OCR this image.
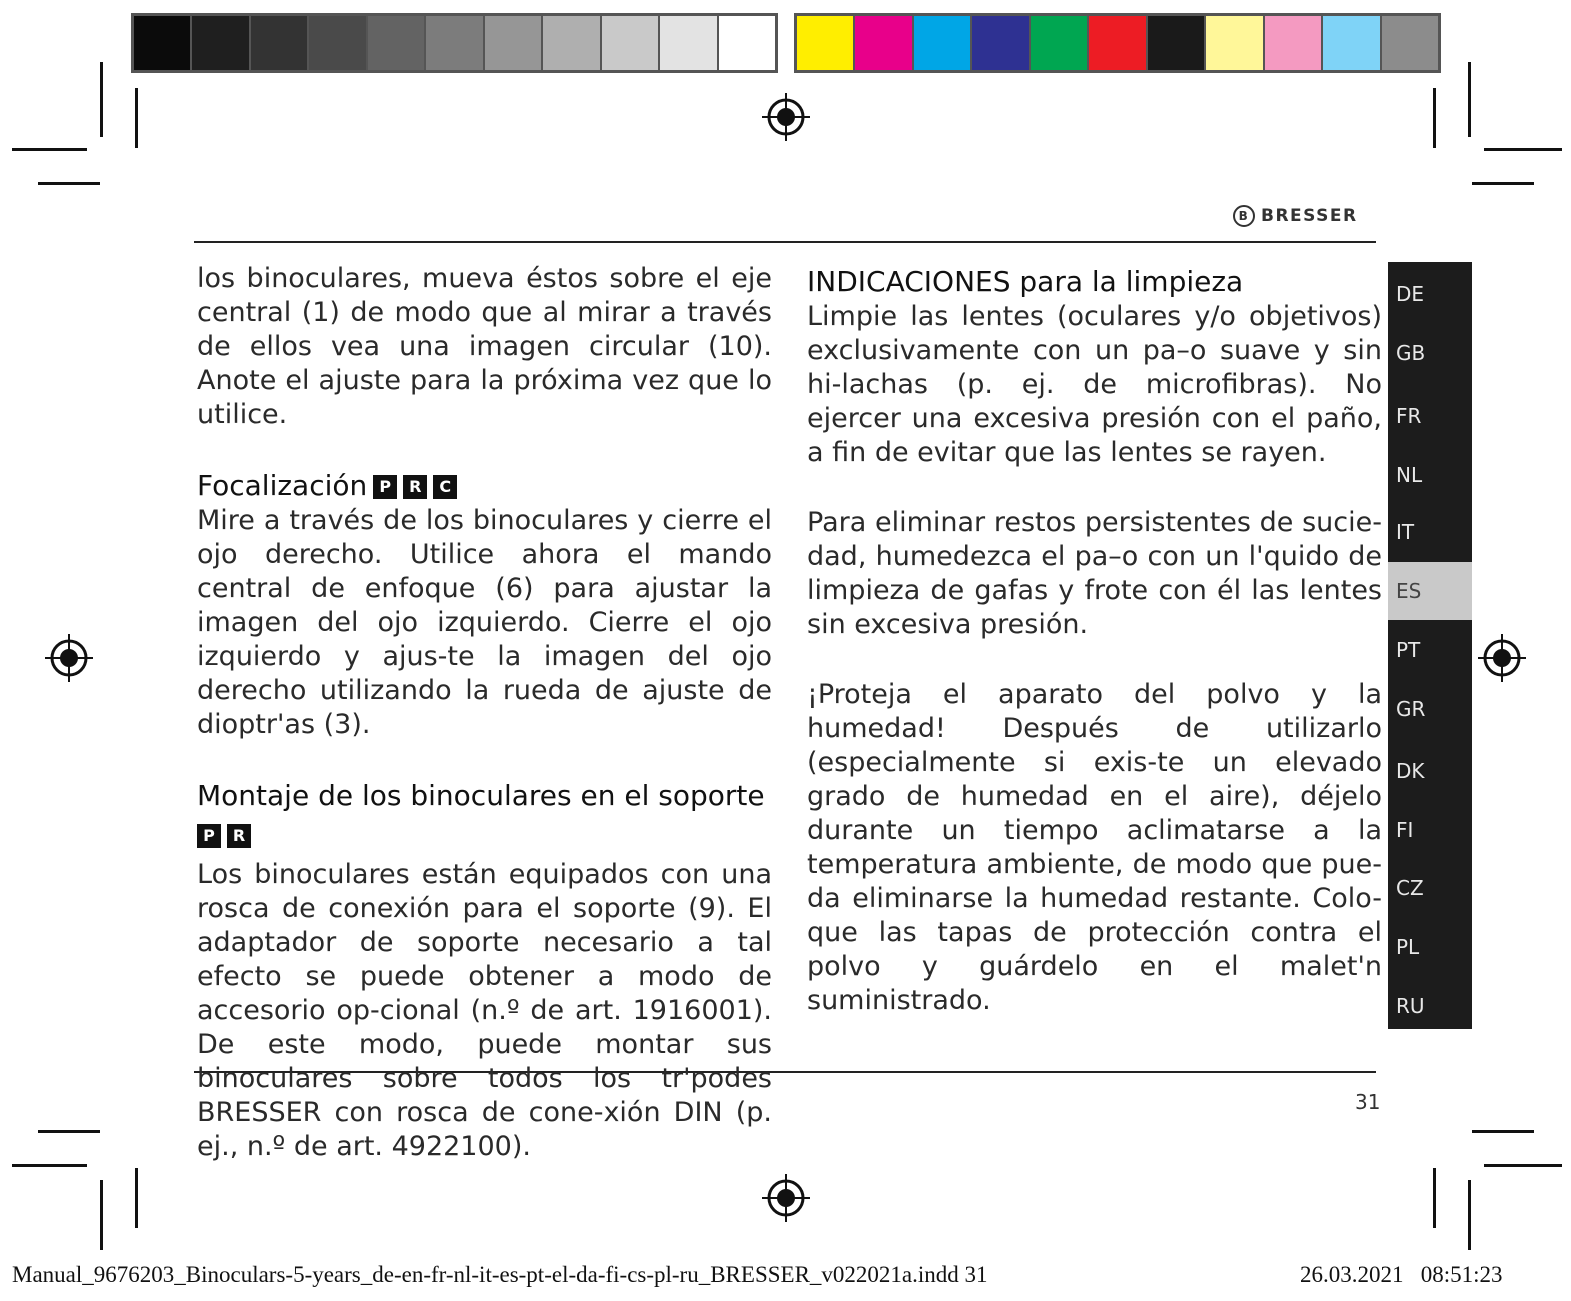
B BRESSER

los binoculares, mueva éstos sobre el eje central (1) de modo que al mirar a través de ellos vea una imagen circular (10). Anote el ajuste para la próxima vez que lo utilice.

Focalización P R C

Mire a través de los binoculares y cierre el ojo derecho. Utilice ahora el mando central de enfoque (6) para ajustar la imagen del ojo izquierdo. Cierre el ojo izquierdo y ajus-te la imagen del ojo derecho utilizando la rueda de ajuste de dioptr'as (3).

Montaje de los binoculares en el soporte
P R

Los binoculares están equipados con una rosca de conexión para el soporte (9). El adaptador de soporte necesario a tal efecto se puede obtener a modo de accesorio op-cional (n.º de art. 1916001). De este modo, puede montar sus binoculares sobre todos los tr'podes BRESSER con rosca de cone-xión DIN (p. ej., n.º de art. 4922100).

INDICACIONES para la limpieza

Limpie las lentes (oculares y/o objetivos) exclusivamente con un pa–o suave y sin hi-lachas (p. ej. de microfibras). No ejercer una excesiva presión con el paño, a fin de evitar que las lentes se rayen.

Para eliminar restos persistentes de sucie-dad, humedezca el pa–o con un l'quido de limpieza de gafas y frote con él las lentes sin excesiva presión.

¡Proteja el aparato del polvo y la humedad! Después de utilizarlo (especialmente si exis-te un elevado grado de humedad en el aire), déjelo durante un tiempo aclimatarse a la temperatura ambiente, de modo que pue-da eliminarse la humedad restante. Colo-que las tapas de protección contra el polvo y guárdelo en el malet'n suministrado.

31
Manual_9676203_Binoculars-5-years_de-en-fr-nl-it-es-pt-el-da-fi-cs-pl-ru_BRESSER_v022021a.indd 31	26.03.2021 08:51:23
DE
GB
FR
NL
IT
ES
PT
GR
DK
FI
CZ
PL
RU
